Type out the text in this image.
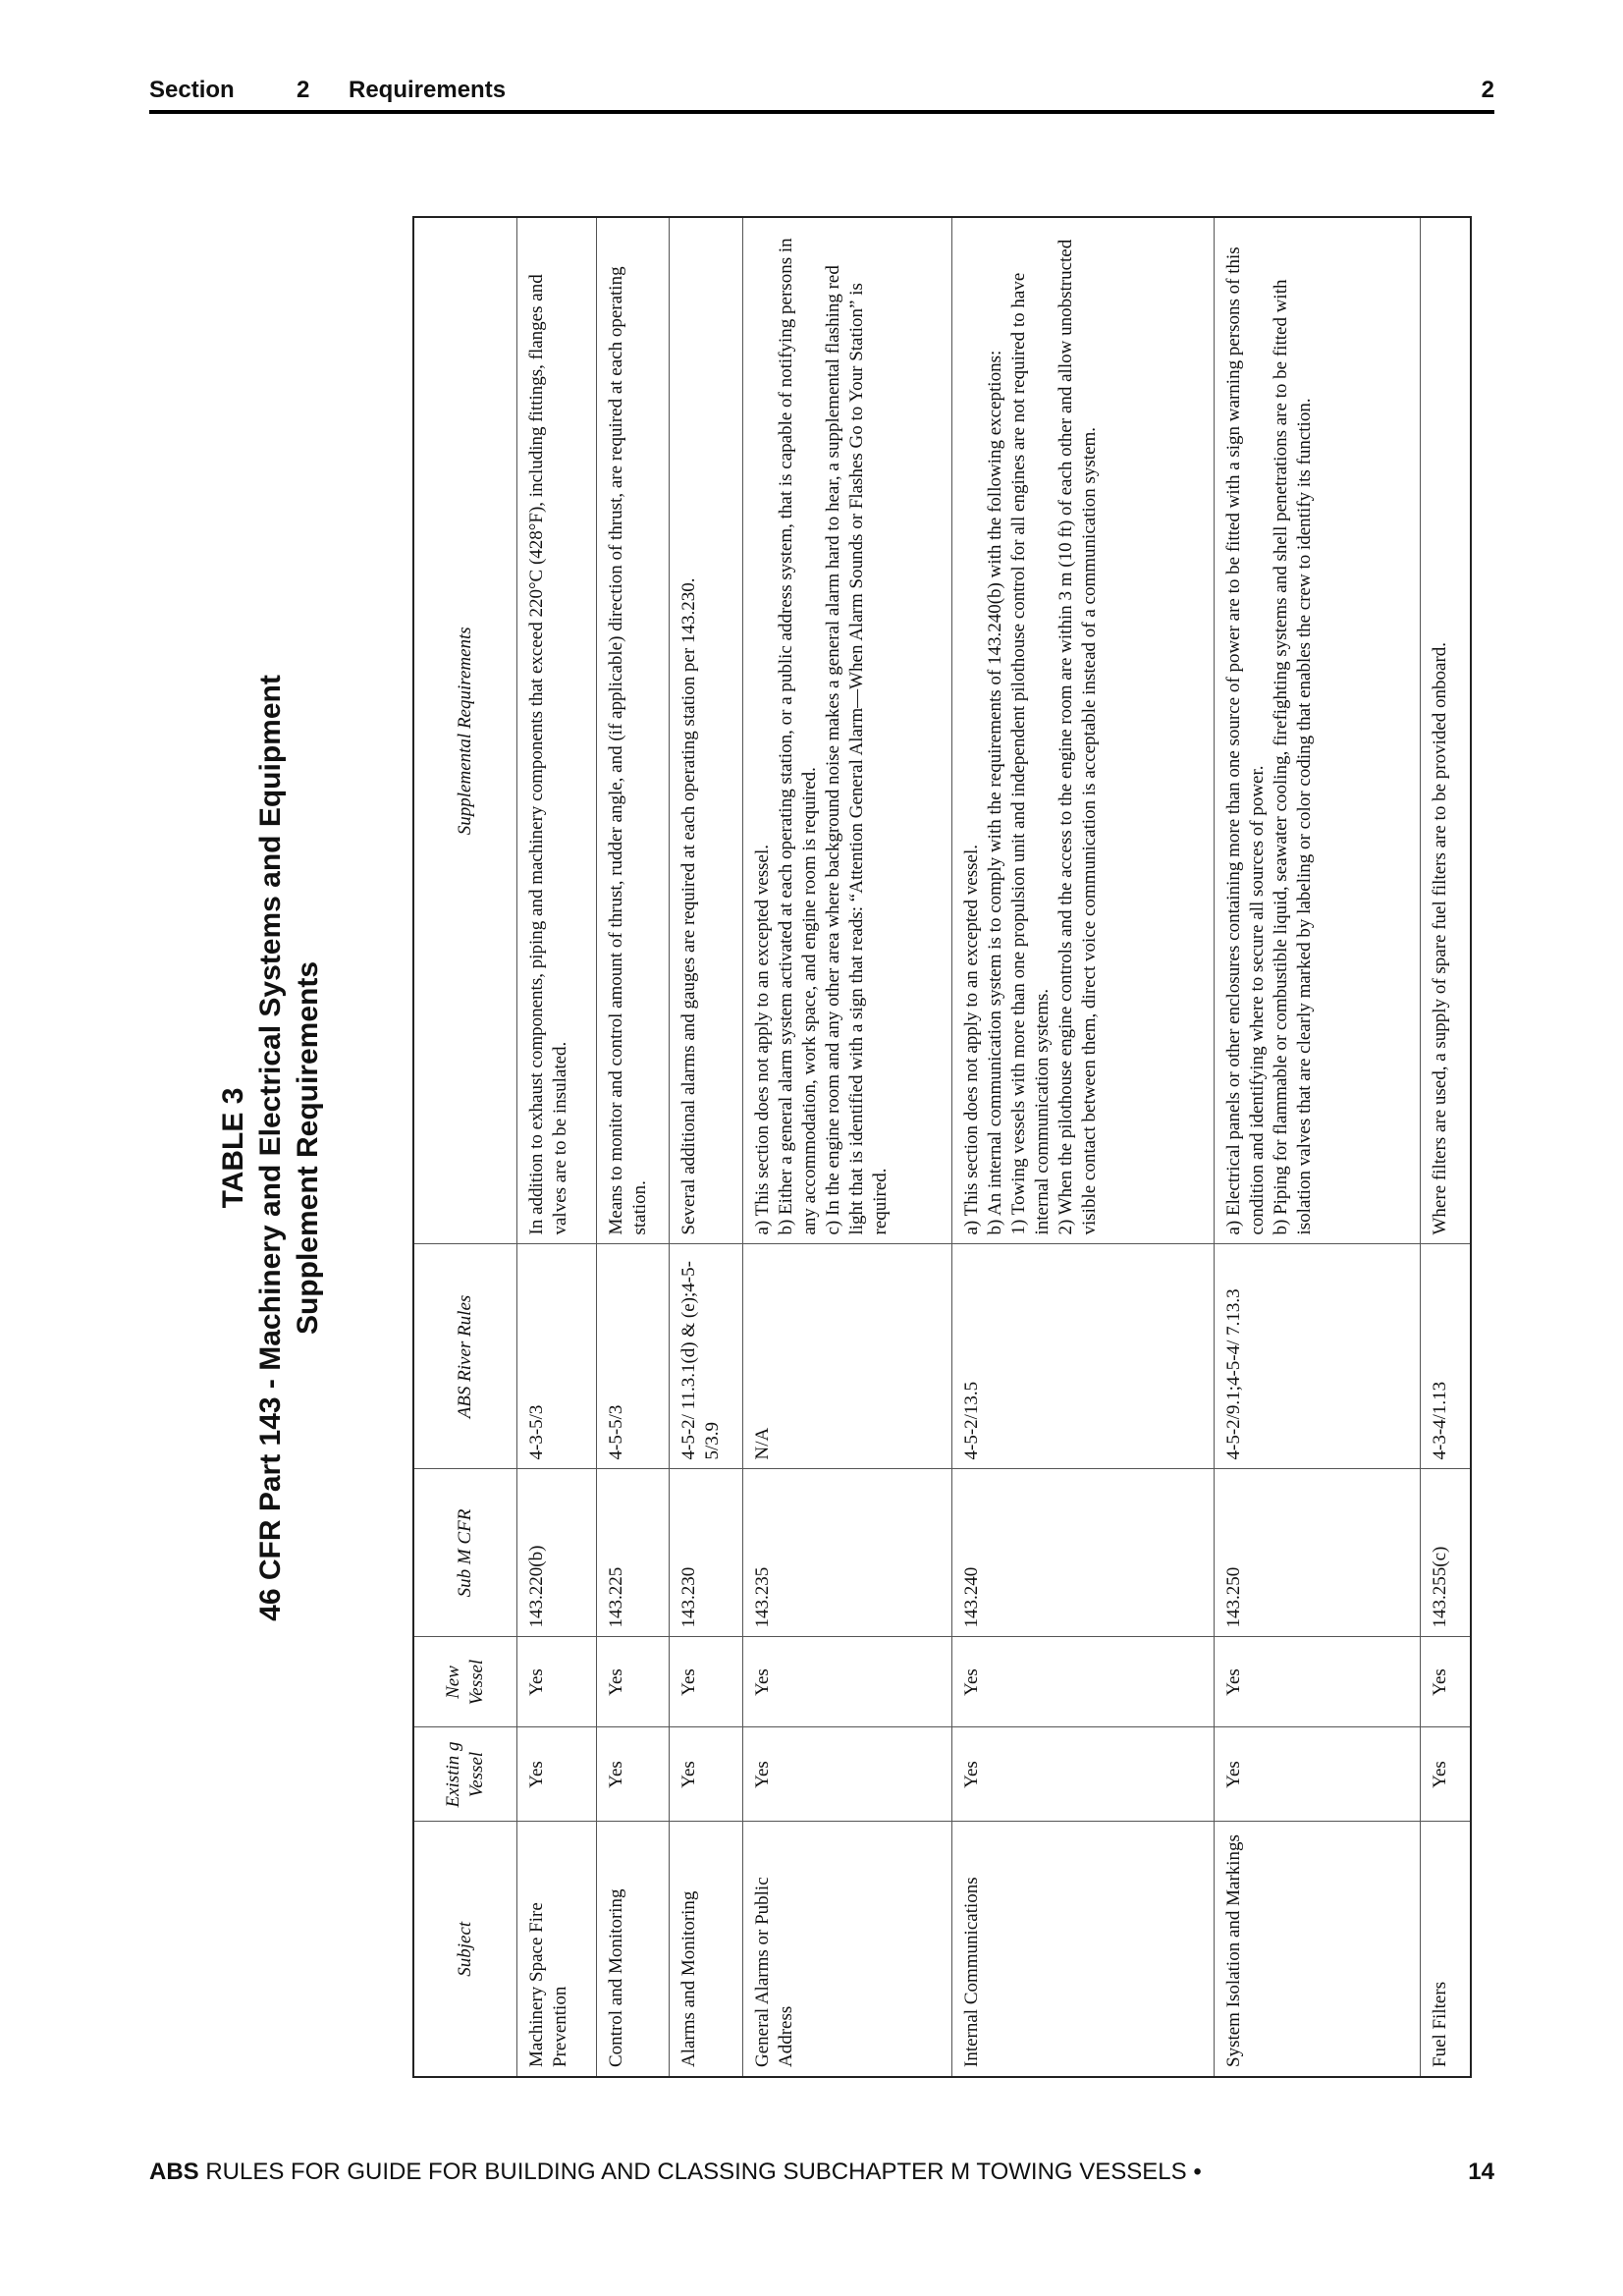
Section	2 Requirements	2
TABLE 3 46 CFR Part 143 - Machinery and Electrical Systems and Equipment Supplement Requirements
Subject	Existin g Vessel	New Vessel	Sub M CFR	ABS River Rules	Supplemental Requirements
Machinery Space Fire Prevention	Yes	Yes	143.220(b)	4-3-5/3	In addition to exhaust components, piping and machinery components that exceed 220°C (428°F), including fittings, flanges and valves are to be insulated.

Control and Monitoring	Yes	Yes	143.225	4-5-5/3	Means to monitor and control amount of thrust, rudder angle, and (if applicable) direction of thrust, are required at each operating station.

Alarms and Monitoring	Yes	Yes	143.230	4-5-2/ 11.3.1(d) & (e);4-5-5/3.9	Several additional alarms and gauges are required at each operating station per 143.230.

General Alarms or Public Address	Yes	Yes	143.235	N/A	a) This section does not apply to an excepted vessel. b) Either a general alarm system activated at each operating station, or a public address system, that is capable of notifying persons in any accommodation, work space, and engine room is required. c) In the engine room and any other area where background noise makes a general alarm hard to hear, a supplemental flashing red light that is identified with a sign that reads: “Attention General Alarm—When Alarm Sounds or Flashes Go to Your Station” is required.

Internal Communications	Yes	Yes	143.240	4-5-2/13.5	a) This section does not apply to an excepted vessel. b) An internal communication system is to comply with the requirements of 143.240(b) with the following exceptions: 1) Towing vessels with more than one propulsion unit and independent pilothouse control for all engines are not required to have internal communication systems. 2) When the pilothouse engine controls and the access to the engine room are within 3 m (10 ft) of each other and allow unobstructed visible contact between them, direct voice communication is acceptable instead of a communication system.

System Isolation and Markings	Yes	Yes	143.250	4-5-2/9.1;4-5-4/ 7.13.3	a) Electrical panels or other enclosures containing more than one source of power are to be fitted with a sign warning persons of this condition and identifying where to secure all sources of power. b) Piping for flammable or combustible liquid, seawater cooling, firefighting systems and shell penetrations are to be fitted with isolation valves that are clearly marked by labeling or color coding that enables the crew to identify its function.

Fuel Filters	Yes	Yes	143.255(c)	4-3-4/1.13	Where filters are used, a supply of spare fuel filters are to be provided onboard.

ABS RULES FOR GUIDE FOR BUILDING AND CLASSING SUBCHAPTER M TOWING VESSELS •	14
